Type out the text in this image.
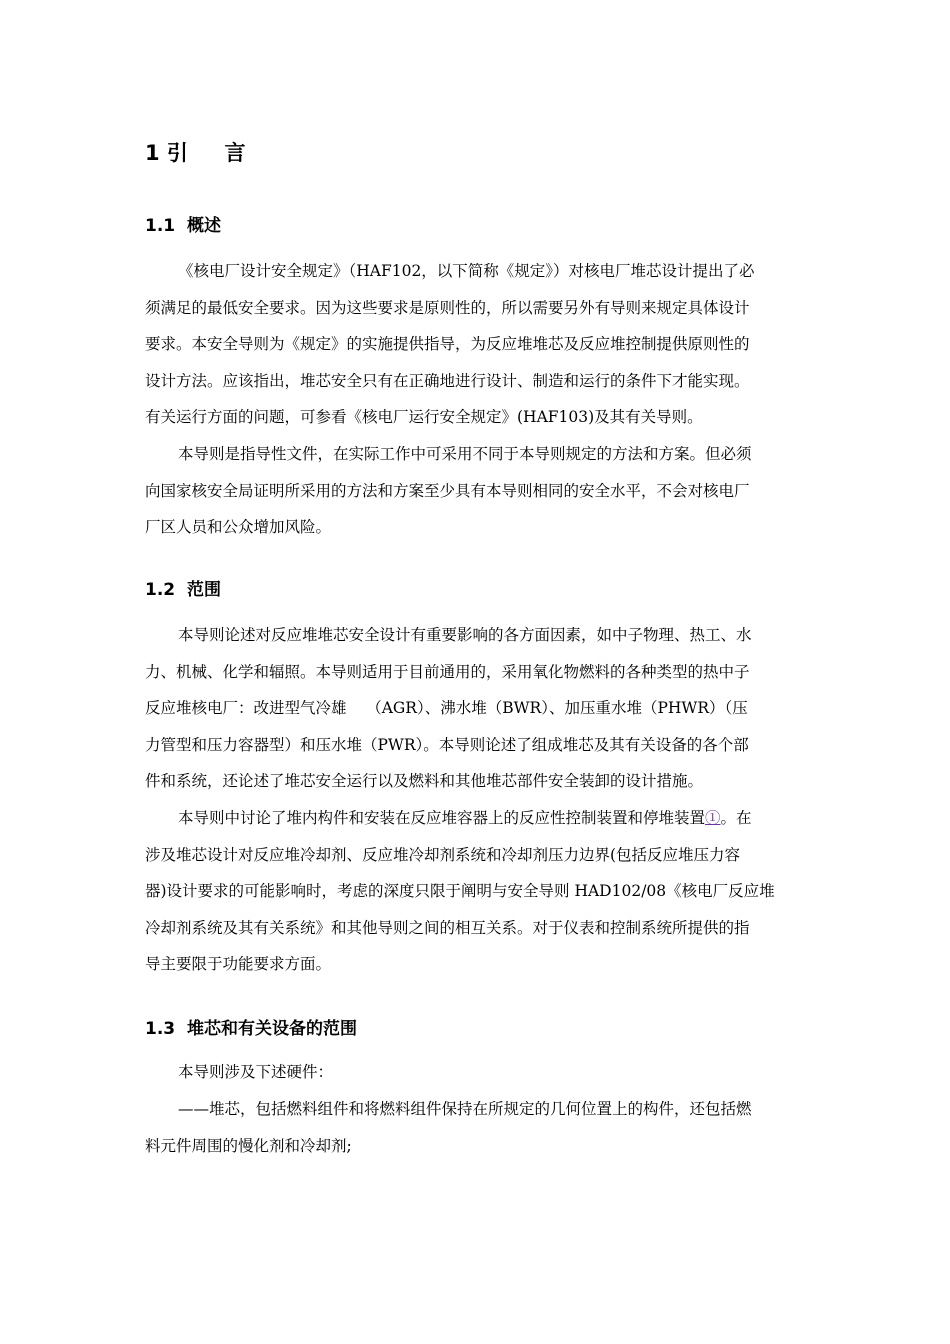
1 引     言
1.1  概述
《核电厂设计安全规定》（HAF102，以下简称《规定》）对核电厂堆芯设计提出了必
须满足的最低安全要求。因为这些要求是原则性的，所以需要另外有导则来规定具体设计
要求。本安全导则为《规定》的实施提供指导，为反应堆堆芯及反应堆控制提供原则性的
设计方法。应该指出，堆芯安全只有在正确地进行设计、制造和运行的条件下才能实现。
有关运行方面的问题，可参看《核电厂运行安全规定》(HAF103)及其有关导则。
本导则是指导性文件，在实际工作中可采用不同于本导则规定的方法和方案。但必须
向国家核安全局证明所采用的方法和方案至少具有本导则相同的安全水平，不会对核电厂
厂区人员和公众增加风险。
1.2  范围
本导则论述对反应堆堆芯安全设计有重要影响的各方面因素，如中子物理、热工、水
力、机械、化学和辐照。本导则适用于目前通用的，采用氧化物燃料的各种类型的热中子
反应堆核电厂：改进型气冷雄    （AGR）、沸水堆（BWR）、加压重水堆（PHWR）（压
力管型和压力容器型）和压水堆（PWR）。本导则论述了组成堆芯及其有关设备的各个部
件和系统，还论述了堆芯安全运行以及燃料和其他堆芯部件安全装卸的设计措施。
本导则中讨论了堆内构件和安装在反应堆容器上的反应性控制装置和停堆装置①。在
涉及堆芯设计对反应堆冷却剂、反应堆冷却剂系统和冷却剂压力边界(包括反应堆压力容
器)设计要求的可能影响时，考虑的深度只限于阐明与安全导则 HAD102/08《核电厂反应堆
冷却剂系统及其有关系统》和其他导则之间的相互关系。对于仪表和控制系统所提供的指
导主要限于功能要求方面。
1.3  堆芯和有关设备的范围
本导则涉及下述硬件：
——堆芯，包括燃料组件和将燃料组件保持在所规定的几何位置上的构件，还包括燃
料元件周围的慢化剂和冷却剂;
